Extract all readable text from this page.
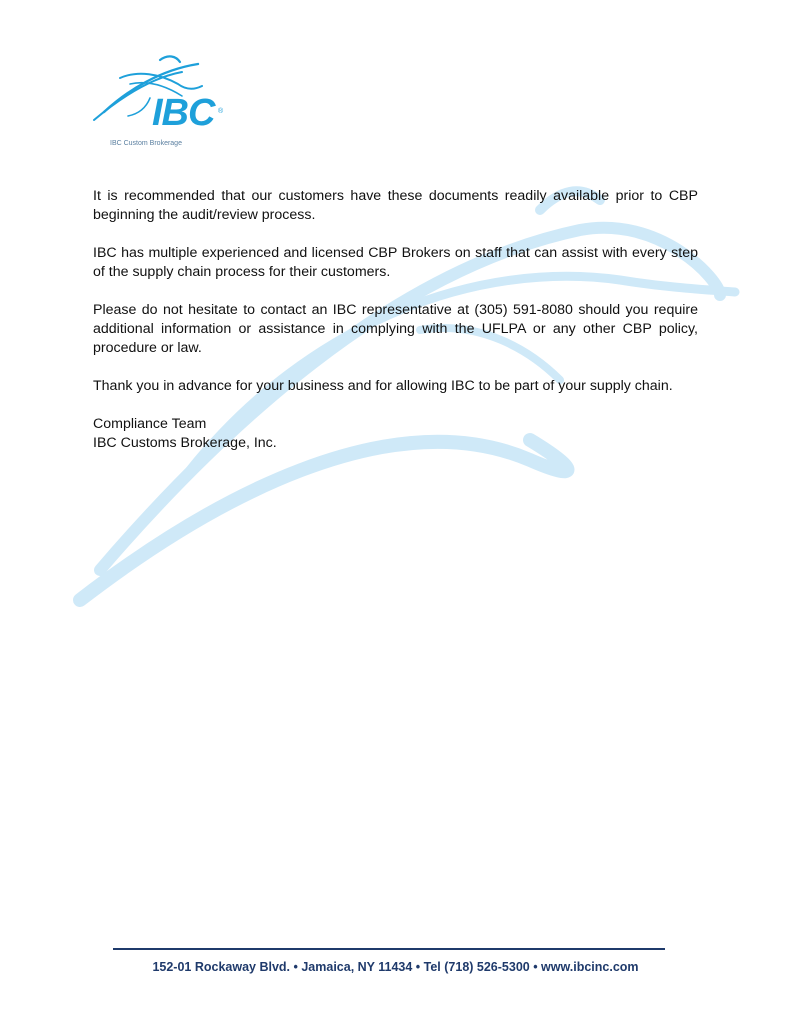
IBC ®
IBC Custom Brokerage

It is recommended that our customers have these documents readily available prior to CBP beginning the audit/review process.

IBC has multiple experienced and licensed CBP Brokers on staff that can assist with every step of the supply chain process for their customers.

Please do not hesitate to contact an IBC representative at (305) 591-8080 should you require additional information or assistance in complying with the UFLPA or any other CBP policy, procedure or law.

Thank you in advance for your business and for allowing IBC to be part of your supply chain.

Compliance Team

IBC Customs Brokerage, Inc.

152-01 Rockaway Blvd. • Jamaica, NY 11434 • Tel (718) 526-5300 • www.ibcinc.com
